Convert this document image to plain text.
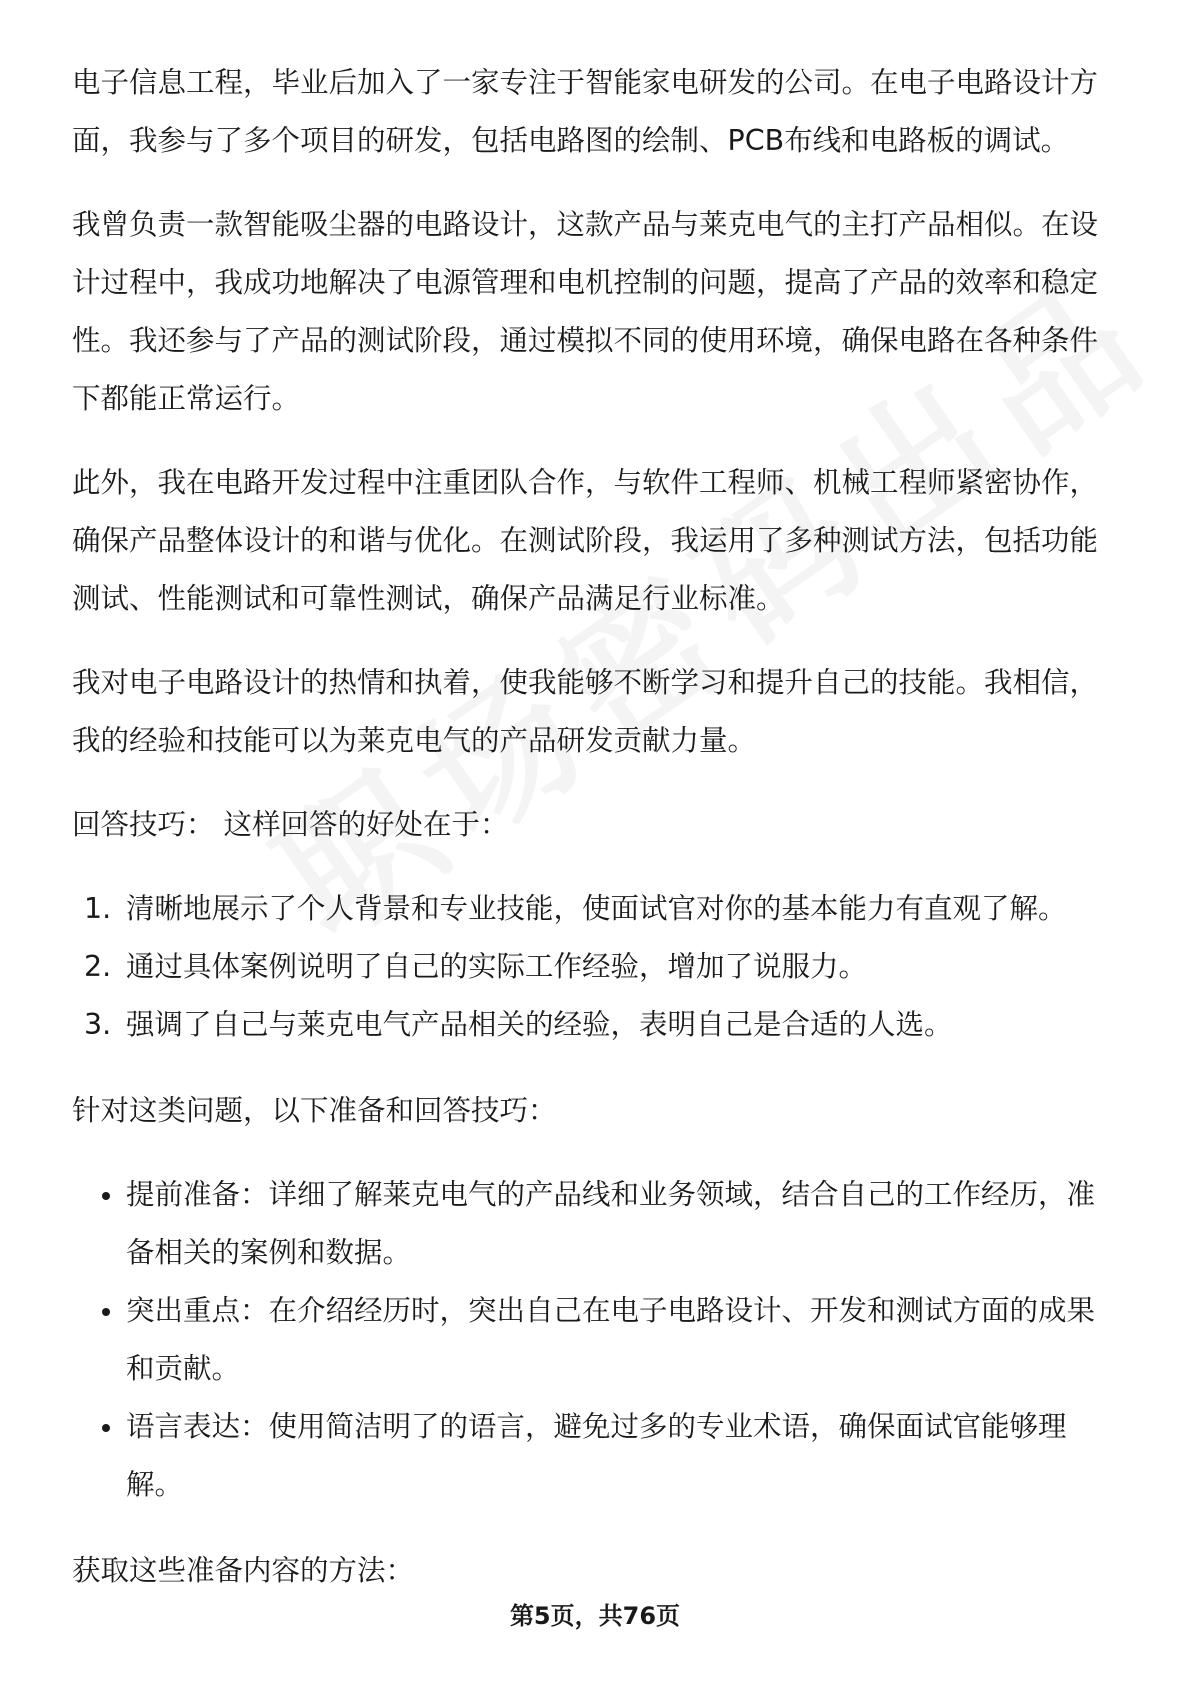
电子信息工程，毕业后加入了一家专注于智能家电研发的公司。在电子电路设计方面，我参与了多个项目的研发，包括电路图的绘制、PCB布线和电路板的调试。

我曾负责一款智能吸尘器的电路设计，这款产品与莱克电气的主打产品相似。在设计过程中，我成功地解决了电源管理和电机控制的问题，提高了产品的效率和稳定性。我还参与了产品的测试阶段，通过模拟不同的使用环境，确保电路在各种条件下都能正常运行。

此外，我在电路开发过程中注重团队合作，与软件工程师、机械工程师紧密协作，确保产品整体设计的和谐与优化。在测试阶段，我运用了多种测试方法，包括功能测试、性能测试和可靠性测试，确保产品满足行业标准。

我对电子电路设计的热情和执着，使我能够不断学习和提升自己的技能。我相信，我的经验和技能可以为莱克电气的产品研发贡献力量。

回答技巧： 这样回答的好处在于：

1. 清晰地展示了个人背景和专业技能，使面试官对你的基本能力有直观了解。
2. 通过具体案例说明了自己的实际工作经验，增加了说服力。
3. 强调了自己与莱克电气产品相关的经验，表明自己是合适的人选。

针对这类问题，以下准备和回答技巧：

提前准备：详细了解莱克电气的产品线和业务领域，结合自己的工作经历，准备相关的案例和数据。
突出重点：在介绍经历时，突出自己在电子电路设计、开发和测试方面的成果和贡献。
语言表达：使用简洁明了的语言，避免过多的专业术语，确保面试官能够理解。

获取这些准备内容的方法：

第5页，共76页
